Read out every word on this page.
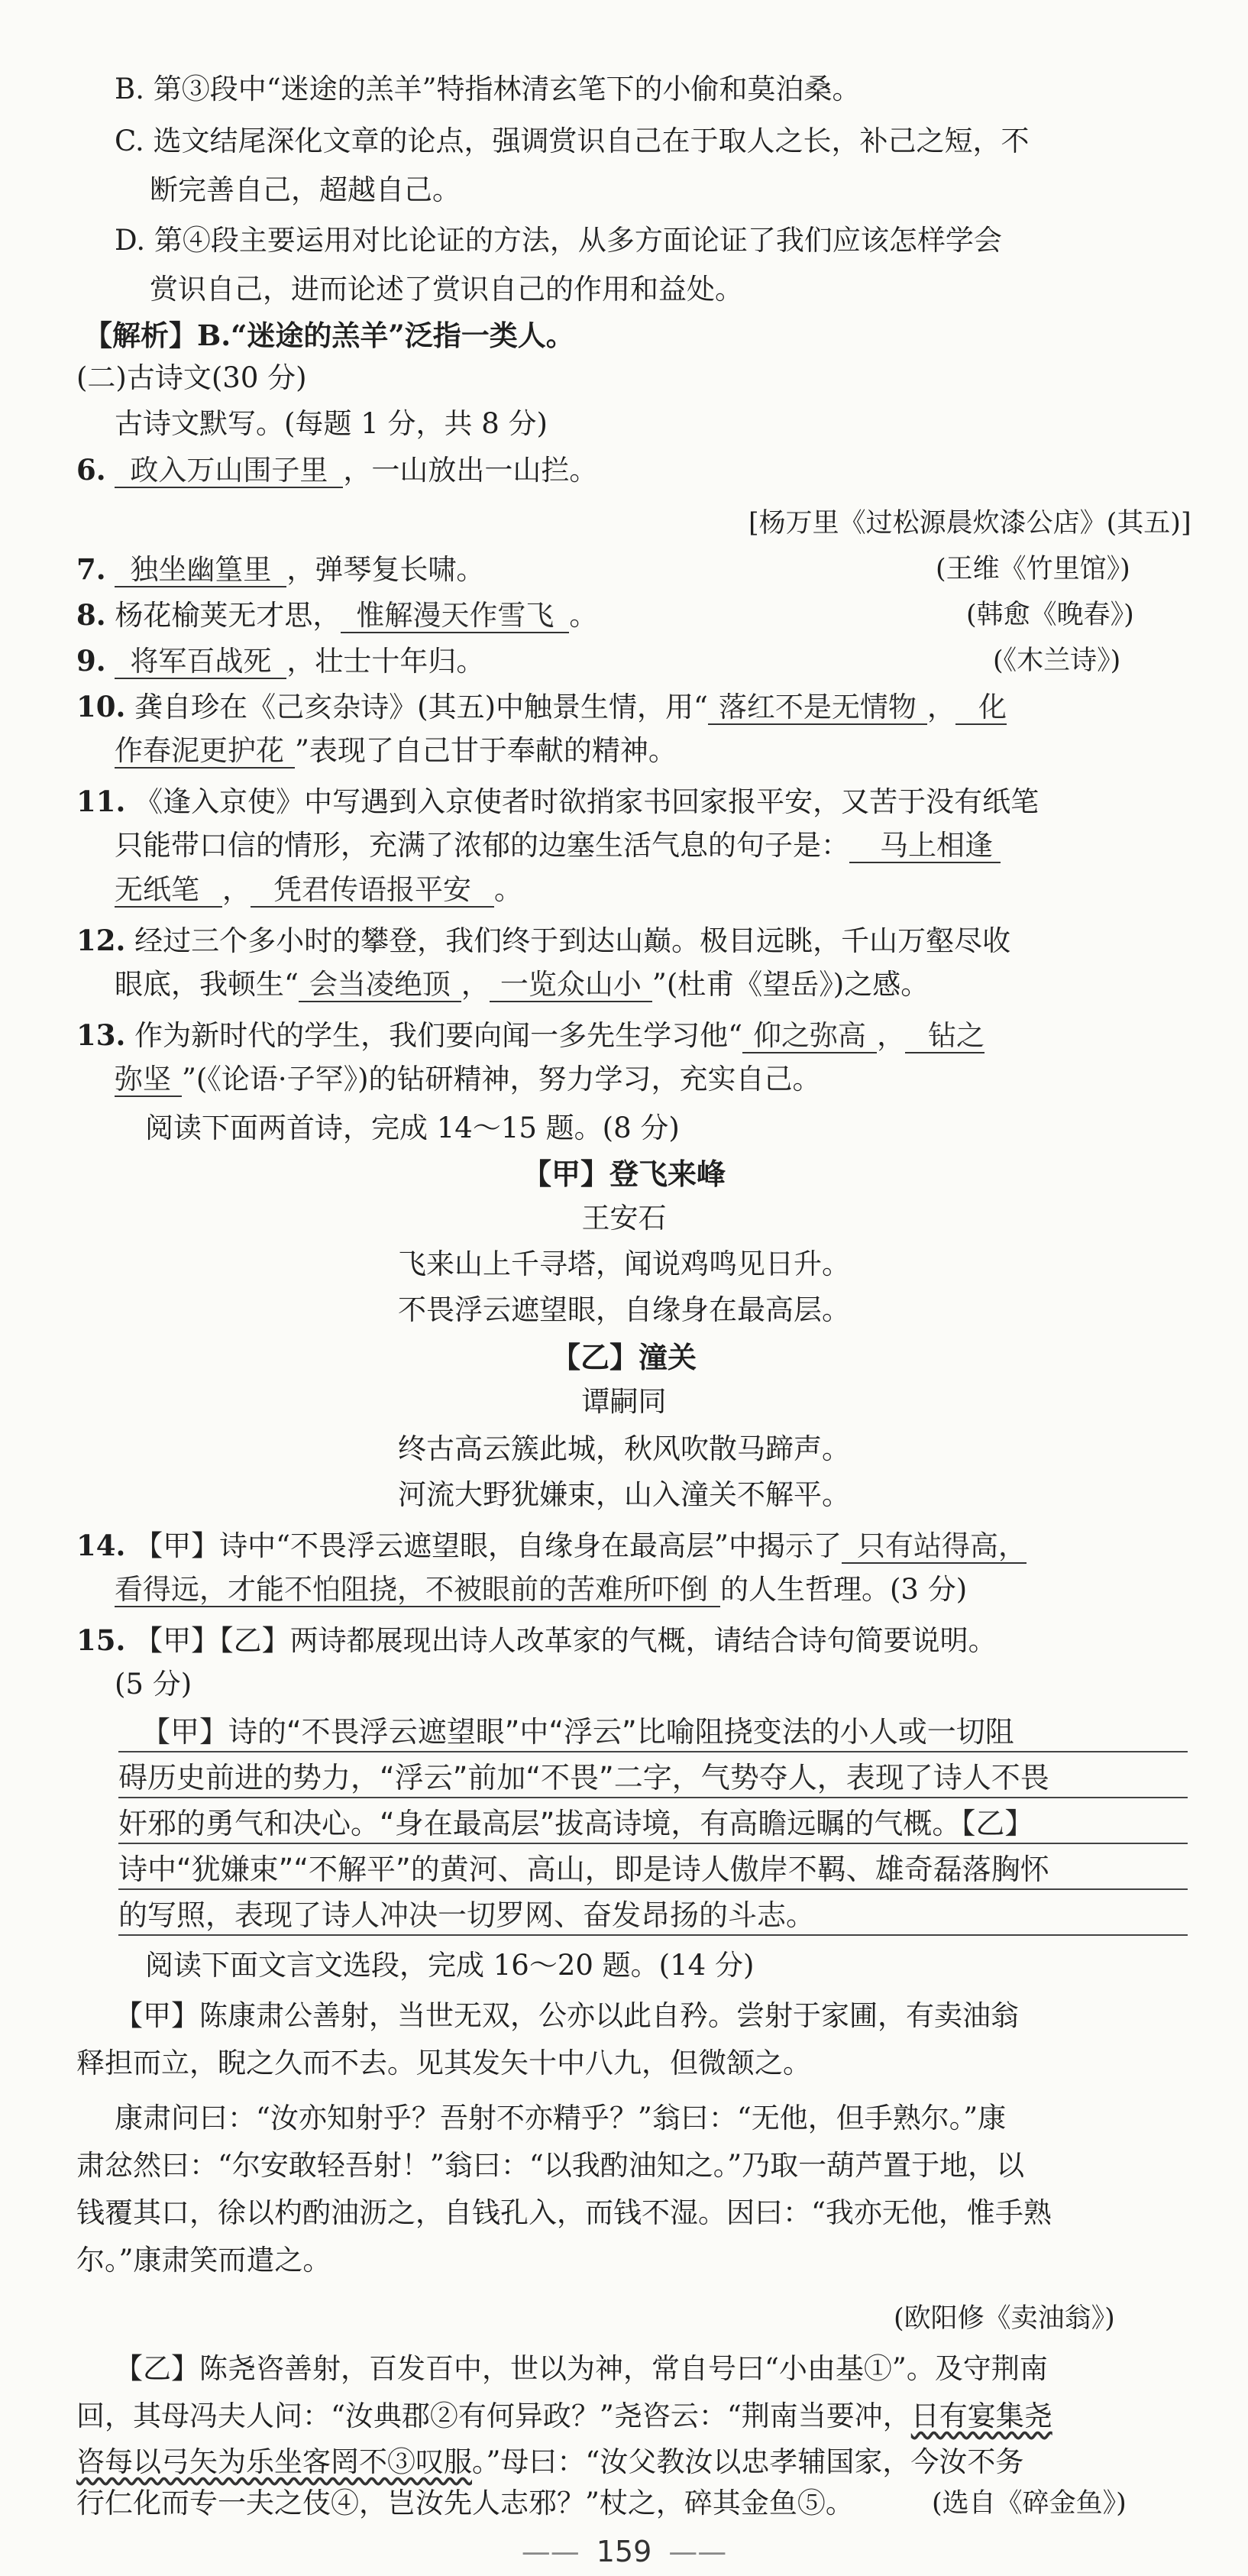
B. 第③段中“迷途的羔羊”特指林清玄笔下的小偷和莫泊桑。
C. 选文结尾深化文章的论点，强调赏识自己在于取人之长，补己之短，不
断完善自己，超越自己。
D. 第④段主要运用对比论证的方法，从多方面论证了我们应该怎样学会
赏识自己，进而论述了赏识自己的作用和益处。
【解析】B.“迷途的羔羊”泛指一类人。
(二)古诗文(30 分)
古诗文默写。(每题 1 分，共 8 分)
6. 政入万山围子里 ，一山放出一山拦。
[杨万里《过松源晨炊漆公店》(其五)]
7. 独坐幽篁里 ，弹琴复长啸。	(王维《竹里馆》)
8. 杨花榆荚无才思， 惟解漫天作雪飞 。	(韩愈《晚春》)
9. 将军百战死 ，壮士十年归。	(《木兰诗》)
10. 龚自珍在《己亥杂诗》(其五)中触景生情，用“ 落红不是无情物 ， 化
作春泥更护花 ”表现了自己甘于奉献的精神。
11. 《逢入京使》中写遇到入京使者时欲捎家书回家报平安，又苦于没有纸笔
只能带口信的情形，充满了浓郁的边塞生活气息的句子是： 马上相逢
无纸笔 ， 凭君传语报平安 。
12. 经过三个多小时的攀登，我们终于到达山巅。极目远眺，千山万壑尽收
眼底，我顿生“ 会当凌绝顶 ， 一览众山小 ”(杜甫《望岳》)之感。
13. 作为新时代的学生，我们要向闻一多先生学习他“ 仰之弥高 ， 钻之
弥坚 ”(《论语·子罕》)的钻研精神，努力学习，充实自己。
阅读下面两首诗，完成 14～15 题。(8 分)
【甲】登飞来峰
王安石
飞来山上千寻塔，闻说鸡鸣见日升。
不畏浮云遮望眼，自缘身在最高层。
【乙】潼关
谭嗣同
终古高云簇此城，秋风吹散马蹄声。
河流大野犹嫌束，山入潼关不解平。
14. 【甲】诗中“不畏浮云遮望眼，自缘身在最高层”中揭示了 只有站得高，
看得远，才能不怕阻挠，不被眼前的苦难所吓倒 的人生哲理。(3 分)
15. 【甲】【乙】两诗都展现出诗人改革家的气概，请结合诗句简要说明。
(5 分)
【甲】诗的“不畏浮云遮望眼”中“浮云”比喻阻挠变法的小人或一切阻
碍历史前进的势力，“浮云”前加“不畏”二字，气势夺人，表现了诗人不畏
奸邪的勇气和决心。“身在最高层”拔高诗境，有高瞻远瞩的气概。【乙】
诗中“犹嫌束”“不解平”的黄河、高山，即是诗人傲岸不羁、雄奇磊落胸怀
的写照，表现了诗人冲决一切罗网、奋发昂扬的斗志。
阅读下面文言文选段，完成 16～20 题。(14 分)
【甲】陈康肃公善射，当世无双，公亦以此自矜。尝射于家圃，有卖油翁
释担而立，睨之久而不去。见其发矢十中八九，但微颔之。
康肃问曰：“汝亦知射乎？吾射不亦精乎？”翁曰：“无他，但手熟尔。”康
肃忿然曰：“尔安敢轻吾射！”翁曰：“以我酌油知之。”乃取一葫芦置于地，以
钱覆其口，徐以杓酌油沥之，自钱孔入，而钱不湿。因曰：“我亦无他，惟手熟
尔。”康肃笑而遣之。
(欧阳修《卖油翁》)
【乙】陈尧咨善射，百发百中，世以为神，常自号曰“小由基①”。及守荆南
回，其母冯夫人问：“汝典郡②有何异政？”尧咨云：“荆南当要冲，日有宴集尧
咨每以弓矢为乐坐客罔不③叹服。”母曰：“汝父教汝以忠孝辅国家，今汝不务
—— 159 ——
行仁化而专一夫之伎④，岂汝先人志邪？”杖之，碎其金鱼⑤。	(选自《碎金鱼》)
